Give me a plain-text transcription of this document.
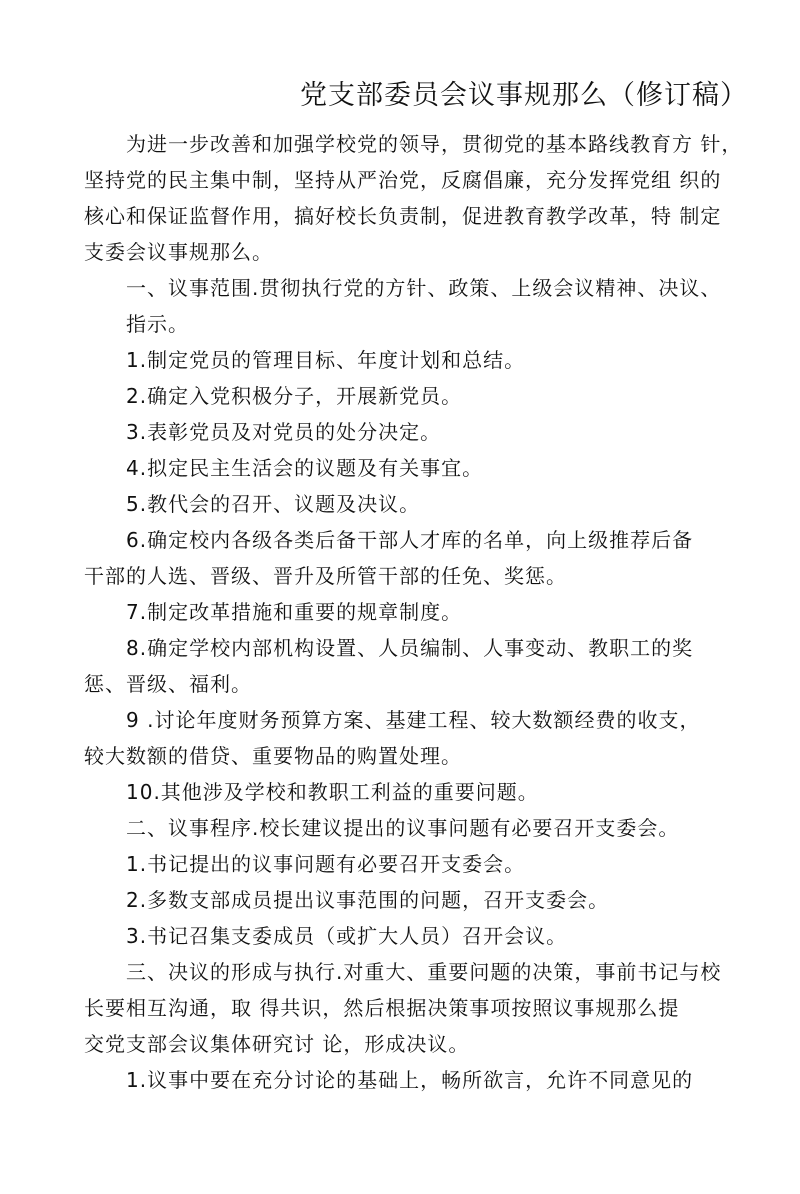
党支部委员会议事规那么（修订稿）
为进一步改善和加强学校党的领导，贯彻党的基本路线教育方 针，
坚持党的民主集中制，坚持从严治党，反腐倡廉，充分发挥党组 织的
核心和保证监督作用，搞好校长负责制，促进教育教学改革，特 制定
支委会议事规那么。
一、议事范围.贯彻执行党的方针、政策、上级会议精神、决议、
指示。
1.制定党员的管理目标、年度计划和总结。
2.确定入党积极分子，开展新党员。
3.表彰党员及对党员的处分决定。
4.拟定民主生活会的议题及有关事宜。
5.教代会的召开、议题及决议。
6.确定校内各级各类后备干部人才库的名单，向上级推荐后备
干部的人选、晋级、晋升及所管干部的任免、奖惩。
7.制定改革措施和重要的规章制度。
8.确定学校内部机构设置、人员编制、人事变动、教职工的奖
惩、晋级、福利。
9 .讨论年度财务预算方案、基建工程、较大数额经费的收支，
较大数额的借贷、重要物品的购置处理。
10.其他涉及学校和教职工利益的重要问题。
二、议事程序.校长建议提出的议事问题有必要召开支委会。
1.书记提出的议事问题有必要召开支委会。
2.多数支部成员提出议事范围的问题，召开支委会。
3.书记召集支委成员（或扩大人员）召开会议。
三、决议的形成与执行.对重大、重要问题的决策，事前书记与校
长要相互沟通，取 得共识，然后根据决策事项按照议事规那么提
交党支部会议集体研究讨 论，形成决议。
1.议事中要在充分讨论的基础上，畅所欲言，允许不同意见的
